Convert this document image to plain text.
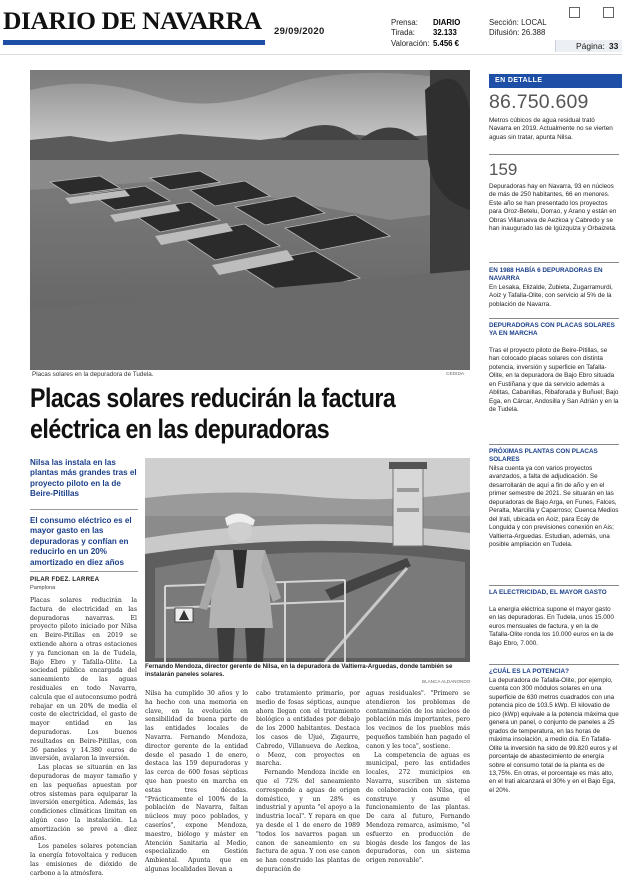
DIARIO DE NAVARRA 29/09/2020
Prensa:
Tirada:
Valoración:
DIARIO
32.133
5.456 €
Sección: LOCAL
Difusión: 26.388
Página: 33
Placas solares en la depuradora de Tudela.	CEDIDA
Placas solares reducirán la factura
eléctrica en las depuradoras
Nilsa las instala en las plantas más grandes tras el proyecto piloto en la de Beire-Pitillas
El consumo eléctrico es el mayor gasto en las depuradoras y confían en reducirlo en un 20% amortizado en diez años
PILAR FDEZ. LARREA
Pamplona

Placas solares reducirán la factura de electricidad en las depuradoras navarras. El proyecto piloto iniciado por Nilsa en Beire-Pitillas en 2019 se extiende ahora a otras estaciones y ya funcionan en la de Tudela, Bajo Ebro y Tafalla-Olite. La sociedad pública encargada del saneamiento de las aguas residuales en todo Navarra, calcula que el autoconsumo podrá rebajar en un 20% de media el coste de electricidad, el gasto de mayor entidad en las depuradoras. Los buenos resultados en Beire-Pitillas, con 36 paneles y 14.380 euros de inversión, avalaron la inversión.

Las placas se situarán en las depuradoras de mayor tamaño y en las pequeñas apuestan por otros sistemas para equiparar la inversión energética. Además, las condiciones climáticas limitan en algún caso la instalación. La amortización se prevé a diez años.

Los paneles solares potencian la energía fotovoltaica y reducen las emisiones de dióxido de carbono a la atmósfera.

Fernando Mendoza, director gerente de Nilsa, en la depuradora de Valtierra-Arguedas, donde también se instalarán paneles solares.
BLANCA ALDANONDO

Nilsa ha cumplido 30 años y lo ha hecho con una memoria en clave, en la evolución en sensibilidad de buena parte de las entidades locales de Navarra. Fernando Mendoza, director gerente de la entidad desde el pasado 1 de enero, destaca las 159 depuradoras y las cerca de 600 fosas sépticas que han puesto en marcha en estas tres décadas. "Prácticamente el 100% de la población de Navarra, faltan núcleos muy poco poblados, y caseríos", expone Mendoza, maestro, biólogo y máster en Atención Sanitaria al Medio, especializado en Gestión Ambiental. Apunta que en algunas localidades llevan a

cabo tratamiento primario, por medio de fosas sépticas, aunque ahora llegan con el tratamiento biológico a entidades por debajo de los 2000 habitantes. Destaca los casos de Ujué, Zigaurre, Cabredo, Villanueva de Aezkoa, o Meoz, con proyectos en marcha.

Fernando Mendoza incide en que el 72% del saneamiento corresponde a aguas de origen doméstico, y un 28% es industrial y apunta "el apoyo a la industria local". Y repara en que ya desde el 1 de enero de 1989 "todos los navarros pagan un canon de saneamiento en su factura de agua. Y con ese canon se han construido las plantas de depuración de

aguas residuales". "Primero se atendieron los problemas de contaminación de los núcleos de población más importantes, pero los vecinos de los pueblos más pequeños también han pagado el canon y les toca", sostiene.

La competencia de aguas es municipal, pero las entidades locales, 272 municipios en Navarra, suscriben un sistema de colaboración con Nilsa, que construye y asume el funcionamiento de las plantas. De cara al futuro, Fernando Mendoza remarca, asimismo, "el esfuerzo en producción de biogás desde los fangos de las depuradoras, con un sistema origen renovable".

EN DETALLE
86.750.609
Metros cúbicos de agua residual trató Navarra en 2019. Actualmente no se vierten aguas sin tratar, apunta Nilsa.
159
Depuradoras hay en Navarra, 93 en núcleos de más de 250 habitantes, 66 en menores. Este año se han presentado los proyectos para Oroz-Betelu, Dorrao, y Arano y están en Obras Villanueva de Aezkoa y Cabredo y se han inaugurado las de Igúzquiza y Orbaizeta.
EN 1988 HABÍA 6 DEPURADORAS EN NAVARRA
En Lesaka, Elizalde, Zubieta, Zugarramurdi, Aoiz y Tafalla-Olite, con servicio al 5% de la población de Navarra.
DEPURADORAS CON PLACAS SOLARES YA EN MARCHA
Tras el proyecto piloto de Beire-Pitillas, se han colocado placas solares con distinta potencia, inversión y superficie en Tafalla-Olite, en la depuradora de Bajo Ebro situada en Fustiñana y que da servicio además a Ablitas, Cabanillas, Ribaforada y Buñuel; Bajo Ega, en Cárcar, Andosilla y San Adrián y en la de Tudela.
PRÓXIMAS PLANTAS CON PLACAS SOLARES
Nilsa cuenta ya con varios proyectos avanzados, a falta de adjudicación. Se desarrollarán de aquí a fin de año y en el primer semestre de 2021. Se situarán en las depuradoras de Bajo Arga, en Funes, Falces, Peralta, Marcilla y Caparroso; Cuenca Medios del Irati, ubicada en Aoiz, para Ecay de Longuida y con previsiones conexión en Ais; Valtierra-Arguedas. Estudian, además, una posible ampliación en Tudela.
LA ELECTRICIDAD, EL MAYOR GASTO
La energía eléctrica supone el mayor gasto en las depuradoras. En Tudela, unos 15.000 euros mensuales de factura, y en la de Tafalla-Olite ronda los 10.000 euros en la de Bajo Ebro, 7.000.
¿CUÁL ES LA POTENCIA?
La depuradora de Tafalla-Olite, por ejemplo, cuenta con 300 módulos solares en una superficie de 630 metros cuadrados con una potencia pico de 103.5 kWp. El kilovatio de pico (kWp) equivale a la potencia máxima que genera un panel, o conjunto de paneles a 25 grados de temperatura, en las horas de máxima insolación, a medio día. En Tafalla-Olite la inversión ha sido de 99.820 euros y el porcentaje de abastecimiento de energía sobre el consumo total de la planta es de 13,75%. En otras, el porcentaje es más alto, en el Irati alcanzará el 30% y en el Bajo Ega, el 20%.
